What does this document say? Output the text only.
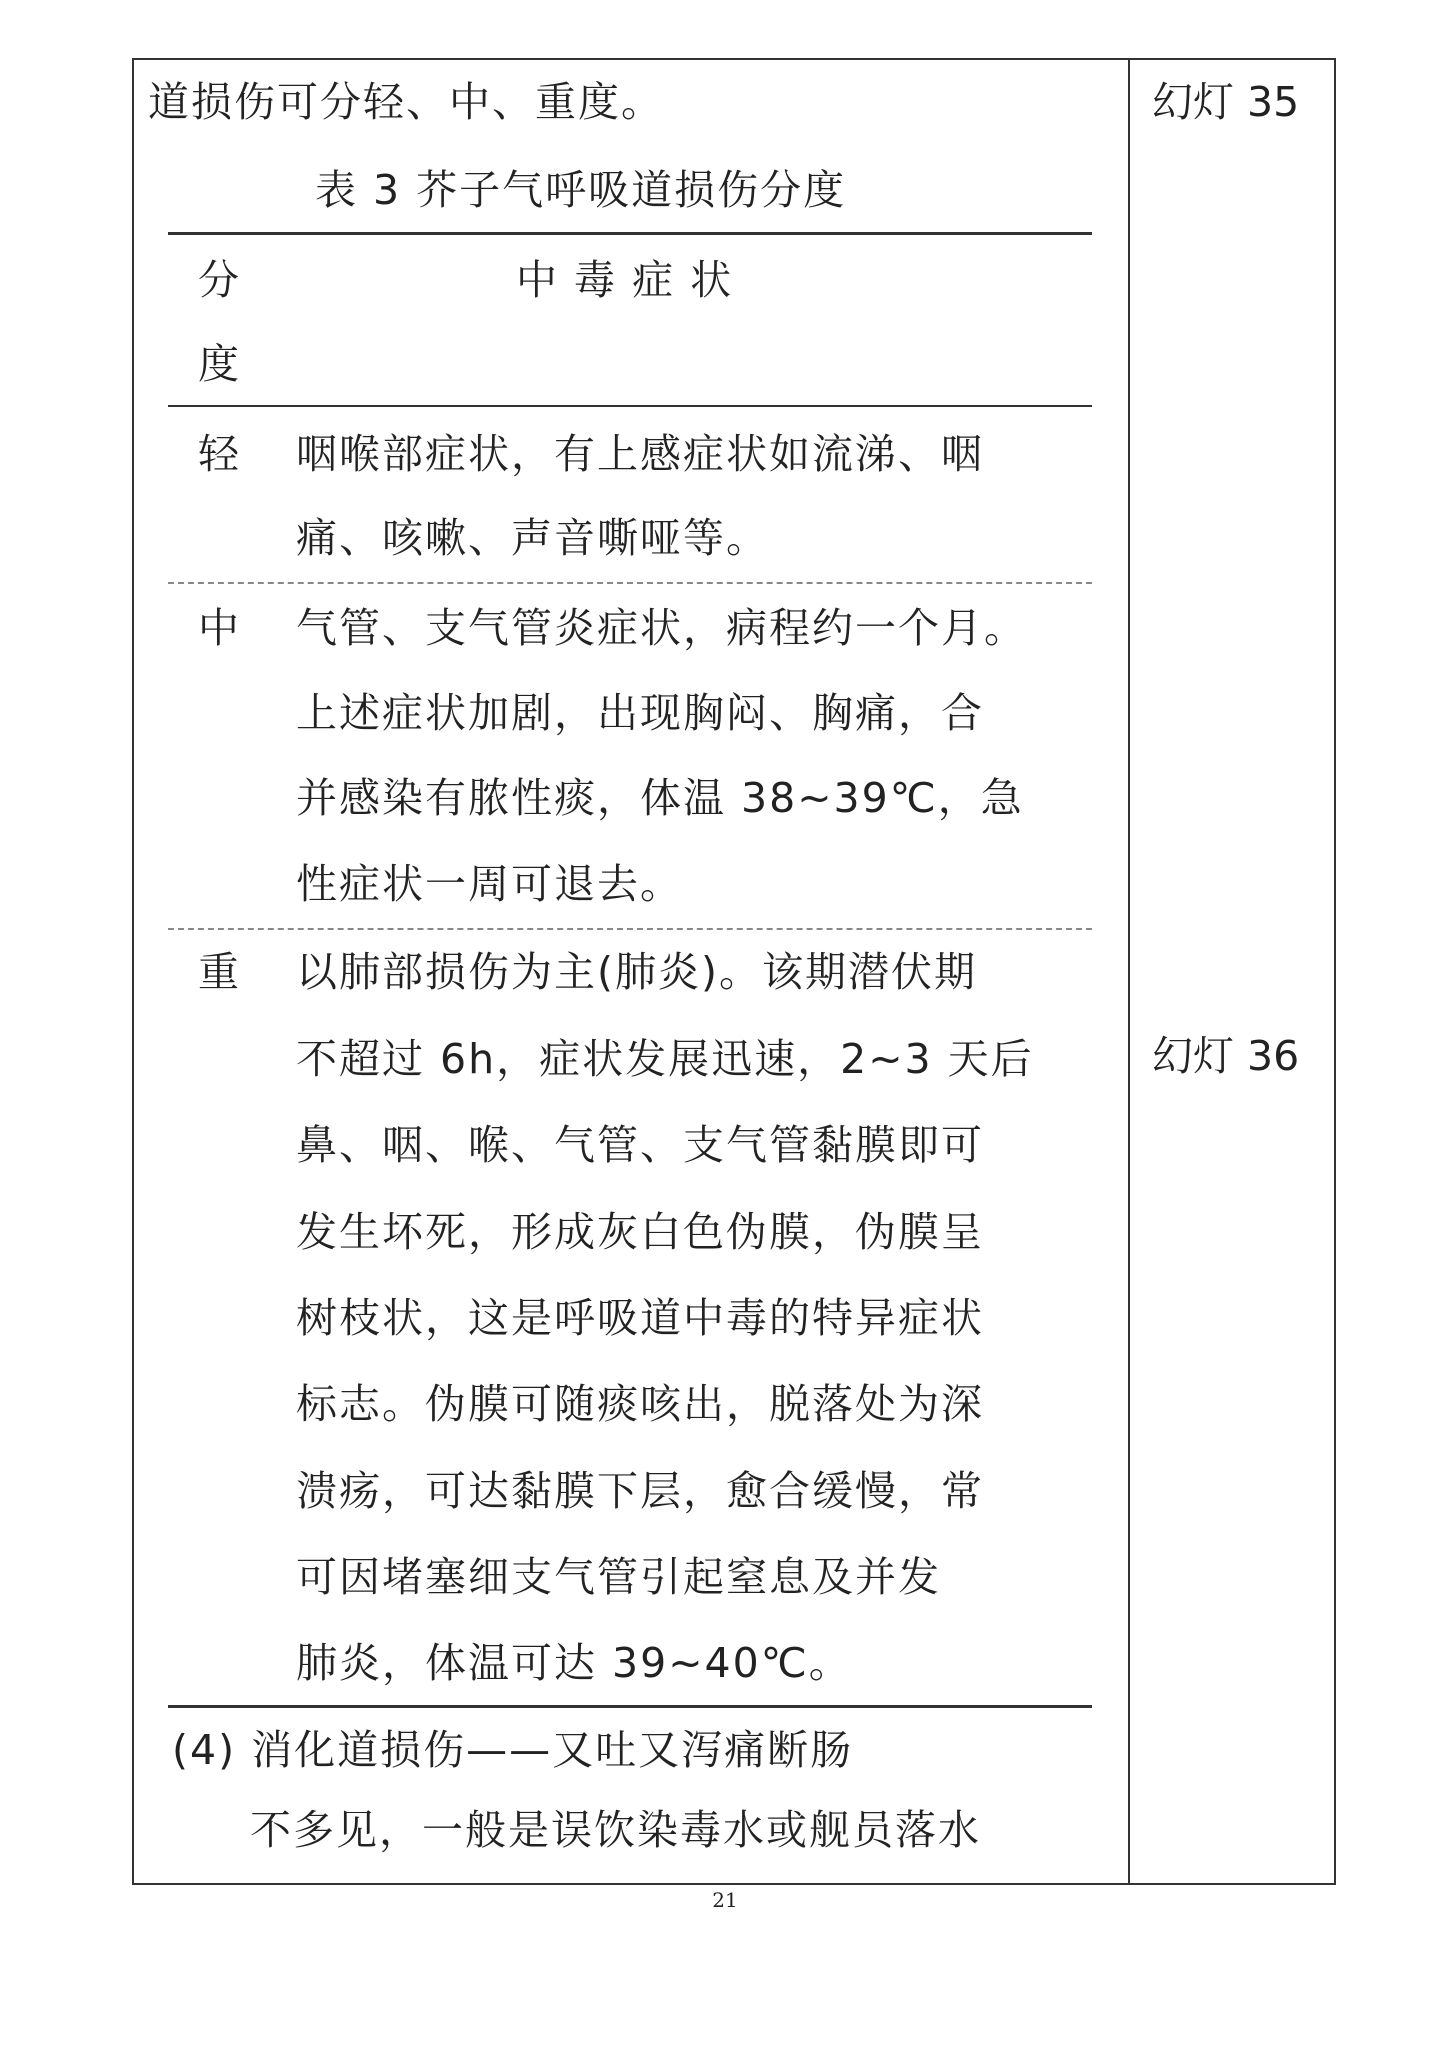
道损伤可分轻、中、重度。
表 3 芥子气呼吸道损伤分度
分
度
中 毒 症 状
轻 咽喉部症状，有上感症状如流涕、咽
痛、咳嗽、声音嘶哑等。
中 气管、支气管炎症状，病程约一个月。
上述症状加剧，出现胸闷、胸痛，合
并感染有脓性痰，体温 38~39℃，急
性症状一周可退去。
重 以肺部损伤为主(肺炎)。该期潜伏期
不超过 6h，症状发展迅速，2~3 天后
鼻、咽、喉、气管、支气管黏膜即可
发生坏死，形成灰白色伪膜，伪膜呈
树枝状，这是呼吸道中毒的特异症状
标志。伪膜可随痰咳出，脱落处为深
溃疡，可达黏膜下层，愈合缓慢，常
可因堵塞细支气管引起窒息及并发
肺炎，体温可达 39~40℃。
(4) 消化道损伤——又吐又泻痛断肠
不多见，一般是误饮染毒水或舰员落水
幻灯 35
幻灯 36
21
